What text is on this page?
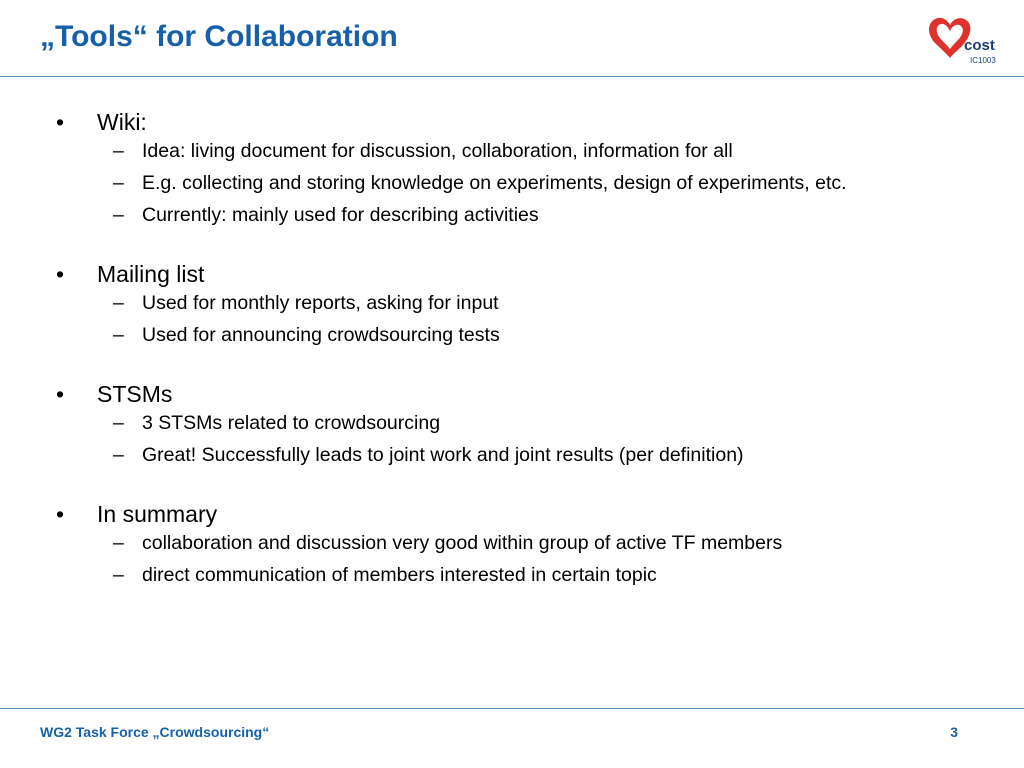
„Tools“ for Collaboration	cost
IC1003
•	Wiki:
– Idea: living document for discussion, collaboration, information for all
– E.g. collecting and storing knowledge on experiments, design of experiments, etc.
– Currently: mainly used for describing activities
•	Mailing list
– Used for monthly reports, asking for input
– Used for announcing crowdsourcing tests
•	STSMs
– 3 STSMs related to crowdsourcing
– Great! Successfully leads to joint work and joint results (per definition)
•	In summary
– collaboration and discussion very good within group of active TF members
– direct communication of members interested in certain topic
WG2 Task Force „Crowdsourcing“	3
